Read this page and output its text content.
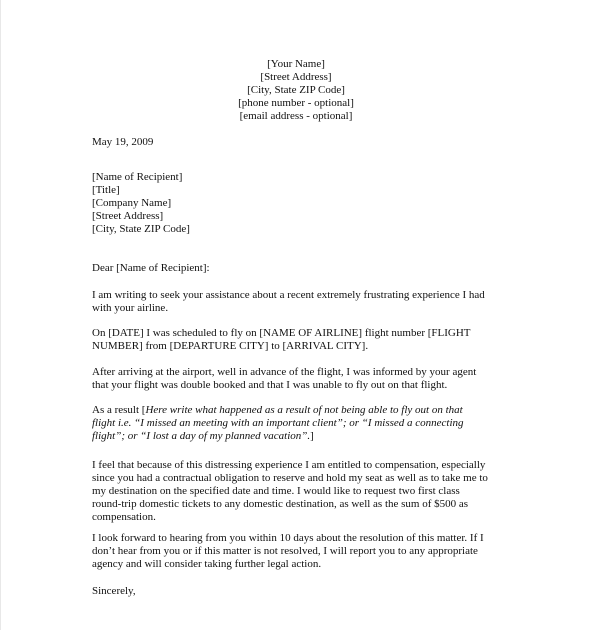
[Your Name]
[Street Address]
[City, State ZIP Code]
[phone number - optional]
[email address - optional]
May 19, 2009
[Name of Recipient]
[Title]
[Company Name]
[Street Address]
[City, State ZIP Code]
Dear [Name of Recipient]:
I am writing to seek your assistance about a recent extremely frustrating experience I had
with your airline.
On [DATE] I was scheduled to fly on [NAME OF AIRLINE] flight number [FLIGHT
NUMBER] from [DEPARTURE CITY] to [ARRIVAL CITY].
After arriving at the airport, well in advance of the flight, I was informed by your agent
that your flight was double booked and that I was unable to fly out on that flight.
As a result [Here write what happened as a result of not being able to fly out on that
flight i.e. “I missed an meeting with an important client”; or “I missed a connecting
flight”; or “I lost a day of my planned vacation”.]
I feel that because of this distressing experience I am entitled to compensation, especially
since you had a contractual obligation to reserve and hold my seat as well as to take me to
my destination on the specified date and time. I would like to request two first class
round-trip domestic tickets to any domestic destination, as well as the sum of $500 as
compensation.
I look forward to hearing from you within 10 days about the resolution of this matter. If I
don’t hear from you or if this matter is not resolved, I will report you to any appropriate
agency and will consider taking further legal action.
Sincerely,
